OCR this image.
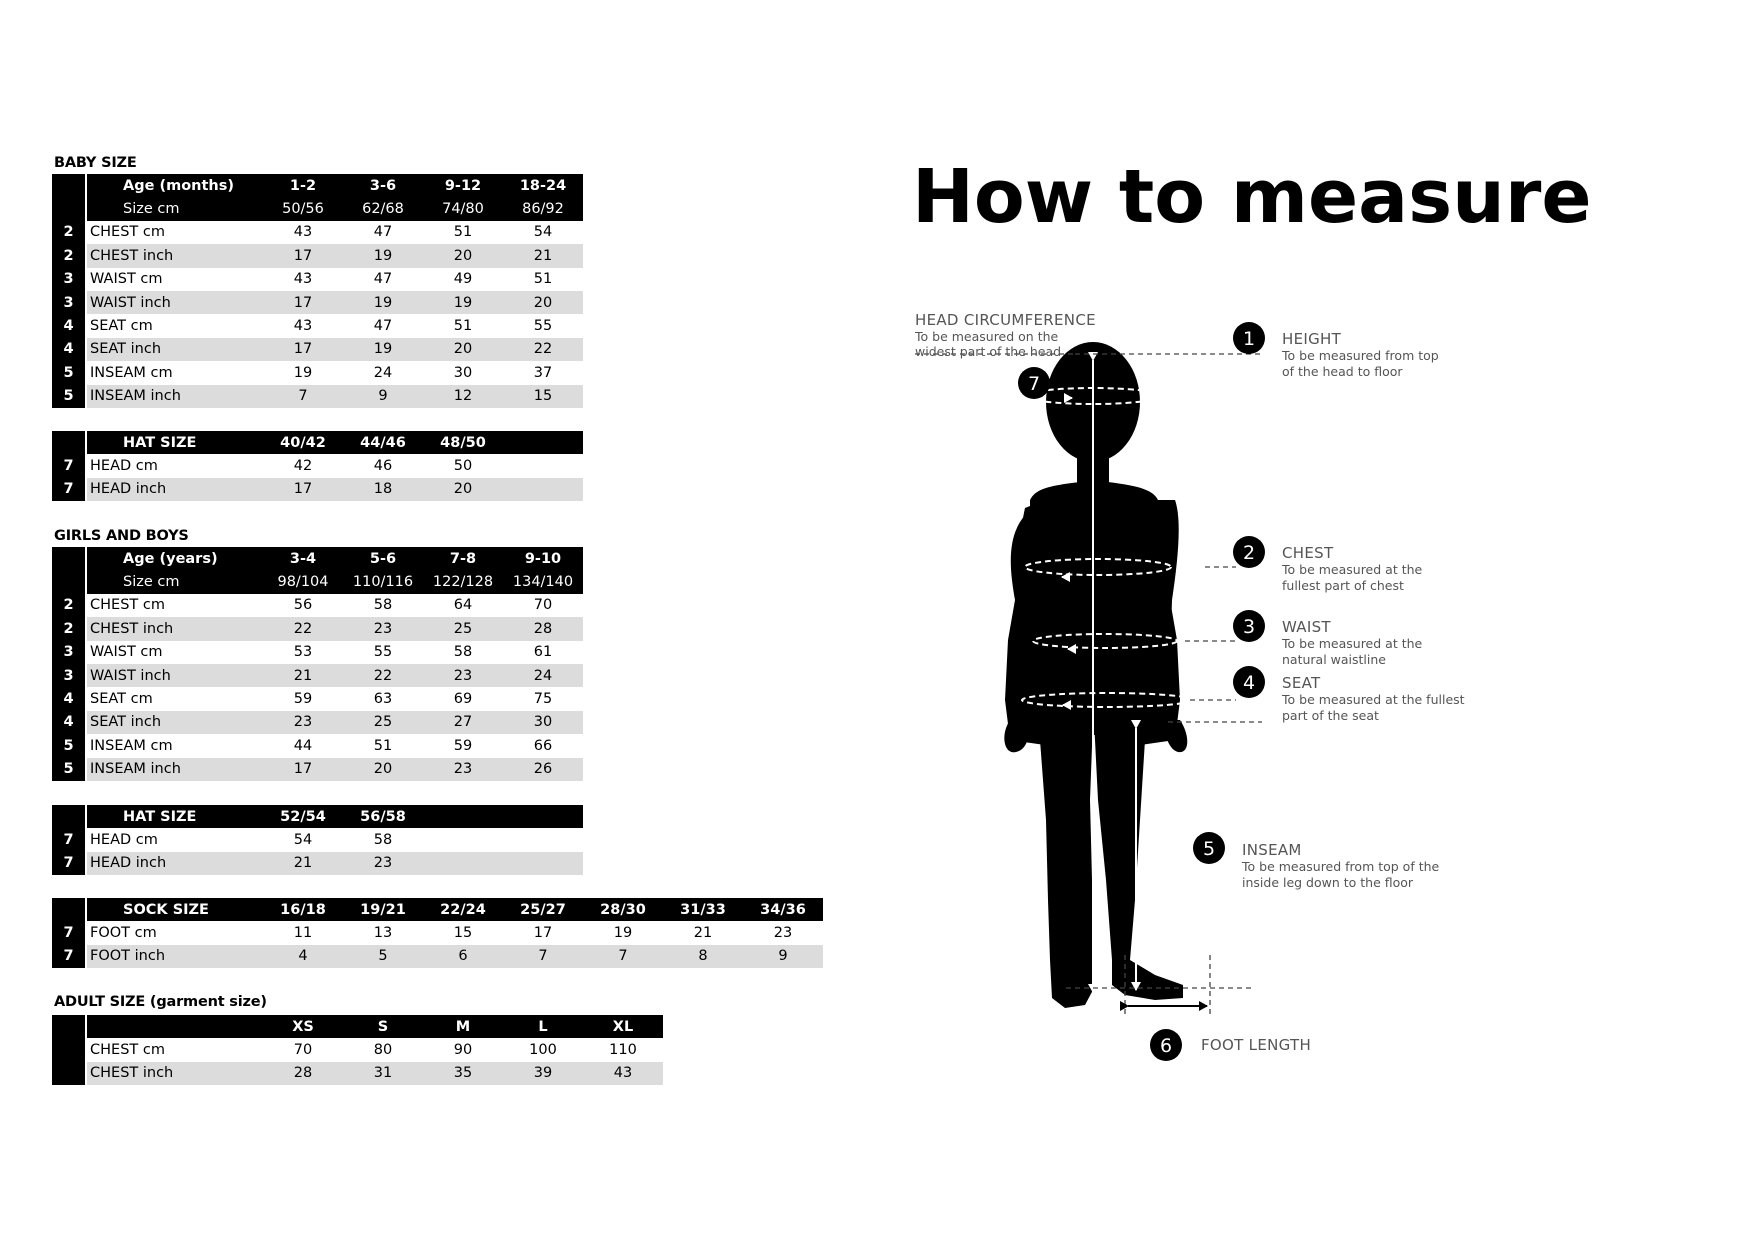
BABY SIZE
GIRLS AND BOYS
ADULT SIZE (garment size)
	Age (months)	1-2	3-6	9-12	18-24
	Size cm	50/56	62/68	74/80	86/92
2	CHEST cm	43	47	51	54
2	CHEST inch	17	19	20	21
3	WAIST cm	43	47	49	51
3	WAIST inch	17	19	19	20
4	SEAT cm	43	47	51	55
4	SEAT inch	17	19	20	22
5	INSEAM cm	19	24	30	37
5	INSEAM inch	7	9	12	15
	HAT SIZE	40/42	44/46	48/50	
7	HEAD cm	42	46	50	
7	HEAD inch	17	18	20	
	Age (years)	3-4	5-6	7-8	9-10
	Size cm	98/104	110/116	122/128	134/140
2	CHEST cm	56	58	64	70
2	CHEST inch	22	23	25	28
3	WAIST cm	53	55	58	61
3	WAIST inch	21	22	23	24
4	SEAT cm	59	63	69	75
4	SEAT inch	23	25	27	30
5	INSEAM cm	44	51	59	66
5	INSEAM inch	17	20	23	26
	HAT SIZE	52/54	56/58		
7	HEAD cm	54	58		
7	HEAD inch	21	23		
	SOCK SIZE	16/18	19/21	22/24	25/27	28/30	31/33	34/36
7	FOOT cm	11	13	15	17	19	21	23
7	FOOT inch	4	5	6	7	7	8	9
		XS	S	M	L	XL
	CHEST cm	70	80	90	100	110
	CHEST inch	28	31	35	39	43
How to measure
1
7
2
3
4
5
6
HEAD CIRCUMFERENCE
To be measured on the
widest part of the head
HEIGHT
To be measured from top
of the head to floor
CHEST
To be measured at the
fullest part of chest
WAIST
To be measured at the
natural waistline
SEAT
To be measured at the fullest
part of the seat
INSEAM
To be measured from top of the
inside leg down to the floor
FOOT LENGTH
